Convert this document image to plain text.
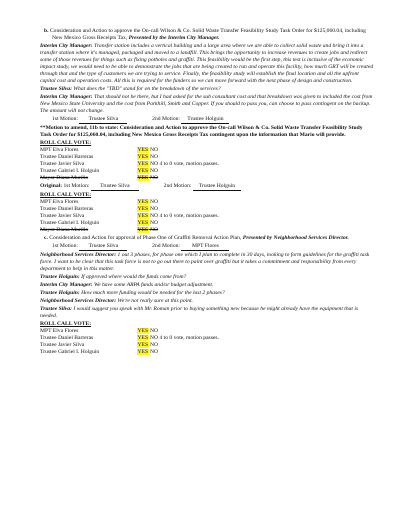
b. Consideration and Action to approve the On-call Wilson & Co. Solid Waste Transfer Feasibility Study Task Order for $125,060.04, including New Mexico Gross Receipts Tax, Presented by the Interim City Manager.

Interim City Manager: Transfer station includes a vertical building and a large area where we are able to collect solid waste and bring it into a transfer station where it's managed, packaged and moved to a landfill. This brings the opportunity to increase revenues to create jobs and redirect some of those revenues for things such as fixing potholes and graffiti. This feasibility would be the first step, this test is inclusive of the economic impact study, we would need to be able to demonstrate the jobs that are being created to run and operate this facility, how much GRT will be created through that and the type of customers we are trying to service. Finally, the feasibility study will establish the final location and all the upfront capital cost and operation costs. All this is required for the funders so we can move forward with the next phase of design and construction.

Trustee Silva: What does the "TBD" stand for on the breakdown of the services?

Interim City Manager: That should not be there, but I had asked for the sub consultant cost and that breakdown was given to included the cost from New Mexico State University and the cost from Parkhill, Smith and Copper. If you should to pass you, can choose to pass contingent on the backup. The amount will not change.

1st Motion: Trustee Silva	2nd Motion: Trustee Holguin

**Motion to amend, 11b to state: Consideration and Action to approve the On-call Wilson & Co. Solid Waste Transfer Feasibility Study Task Order for $125,060.04, including New Mexico Gross Receipts Tax contingent upon the information that Mario will provide.

ROLL CALL VOTE:
MPT Elva Flores	YES NO
Trustee Daniel Barreras	YES NO
Trustee Javier Silva	YES NO 4 to 0 vote, motion passes.
Trustee Gabriel I. Holguin	YES NO
Mayor Diana Murillo	YES NO
Original: 1st Motion: Trustee Silva	2nd Motion: Trustee Holguin
ROLL CALL VOTE:
MPT Elva Flores	YES NO
Trustee Daniel Barreras	YES NO
Trustee Javier Silva	YES NO 4 to 0 vote, motion passes.
Trustee Gabriel I. Holguin	YES NO
Mayor Diana Murillo	YES NO
c. Consideration and Action for approval of Phase One of Graffiti Removal Action Plan, Presented by Neighborhood Services Director.
1st Motion: Trustee Silva	2nd Motion: MPT Flores

Neighborhood Services Director: 1 out 3 phases, for phase one which I plan to complete in 30 days, looking to form guidelines for the graffiti task force. I want to be clear that this task force is not to go out there to paint over graffiti but it takes a commitment and responsibility from every department to help in this matter.

Trustee Holguin: If approved where would the funds come from?

Interim City Manager: We have some ARPA funds and/or budget adjustment.

Trustee Holguin: How much more funding would be needed for the last 2 phases?

Neighborhood Services Director: We're not really sure at this point.

Trustee Silva: I would suggest you speak with Mr. Roman prior to buying something new because he might already have the equipment that is needed.

ROLL CALL VOTE:
MPT Elva Flores	YES NO
Trustee Daniel Barreras	YES NO 4 to 0 vote, motion passes.
Trustee Javier Silva	YES NO
Trustee Gabriel I. Holguin	YES NO
